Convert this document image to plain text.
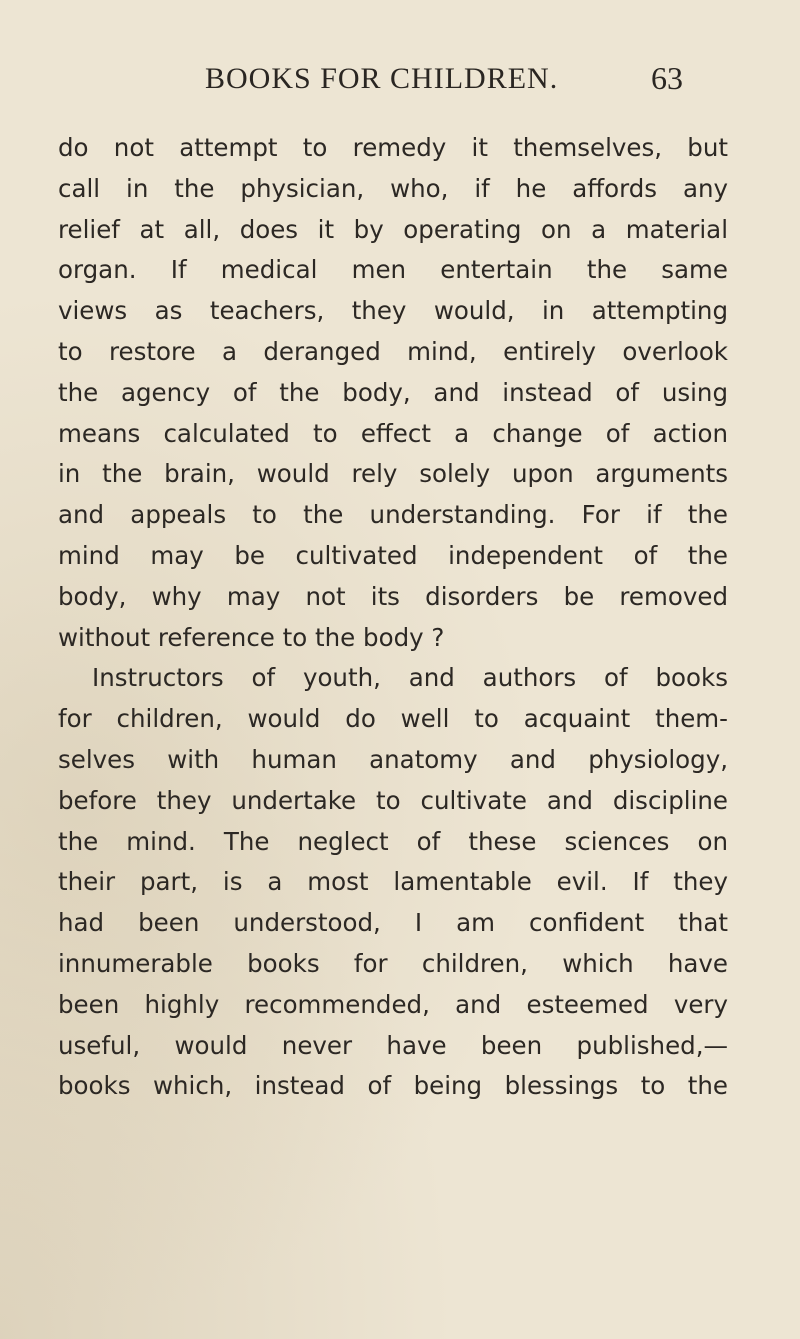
BOOKS FOR CHILDREN.	63
do not attempt to remedy it themselves, but
call in the physician, who, if he affords any
relief at all, does it by operating on a material
organ. If medical men entertain the same
views as teachers, they would, in attempting
to restore a deranged mind, entirely overlook
the agency of the body, and instead of using
means calculated to effect a change of action
in the brain, would rely solely upon arguments
and appeals to the understanding. For if the
mind may be cultivated independent of the
body, why may not its disorders be removed
without reference to the body ?
Instructors of youth, and authors of books
for children, would do well to acquaint them-
selves with human anatomy and physiology,
before they undertake to cultivate and discipline
the mind. The neglect of these sciences on
their part, is a most lamentable evil. If they
had been understood, I am confident that
innumerable books for children, which have
been highly recommended, and esteemed very
useful, would never have been published,—
books which, instead of being blessings to the
